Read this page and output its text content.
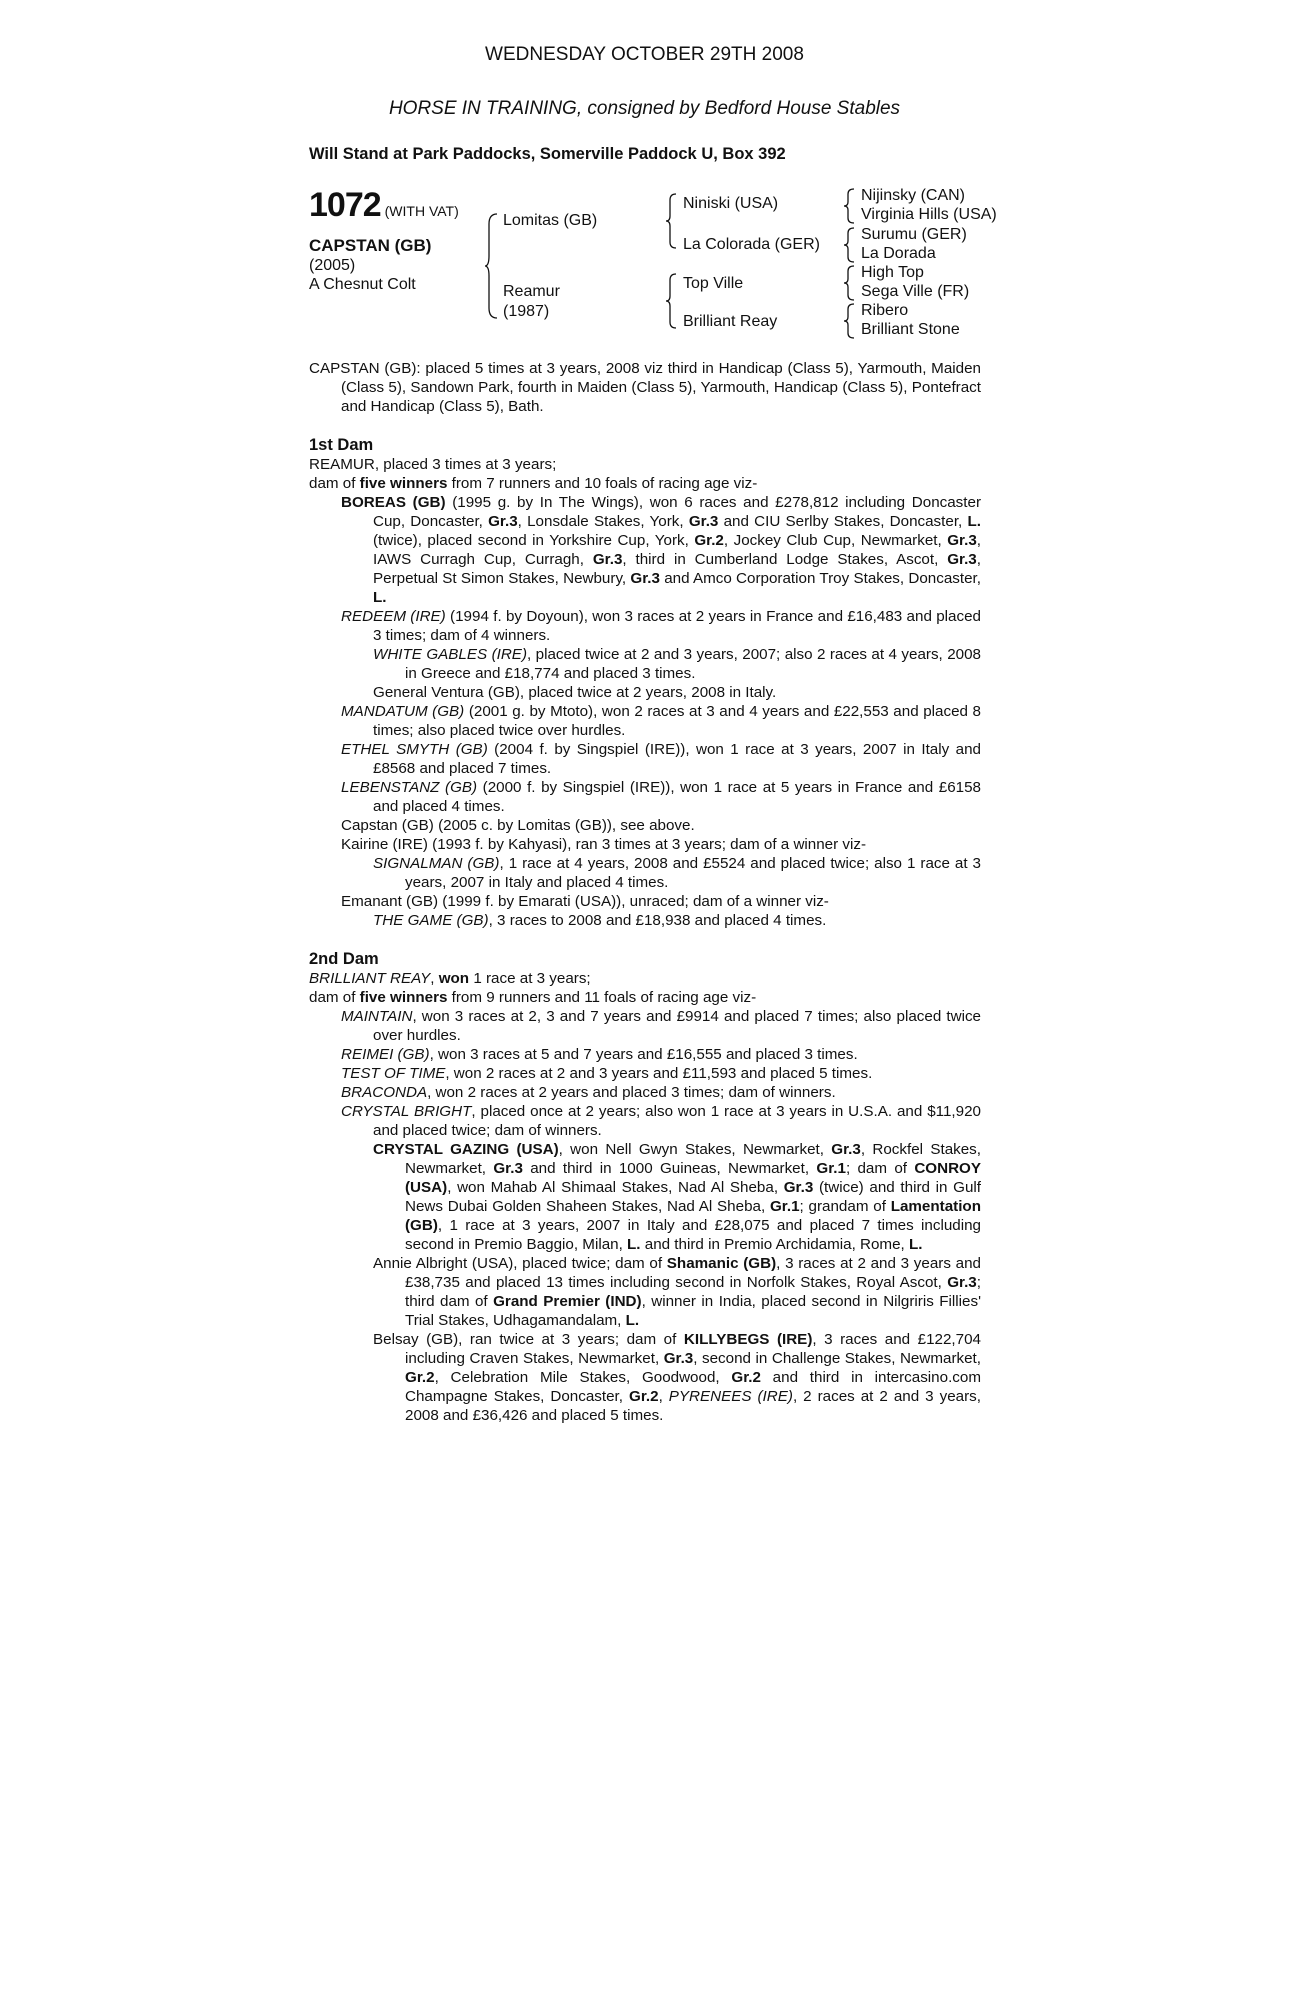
WEDNESDAY OCTOBER 29TH 2008
HORSE IN TRAINING, consigned by Bedford House Stables
Will Stand at Park Paddocks, Somerville Paddock U, Box 392
1072 (WITH VAT)
CAPSTAN (GB)
(2005)
A Chesnut Colt
Lomitas (GB)
Reamur
(1987)
Niniski (USA)
La Colorada (GER)
Top Ville
Brilliant Reay
Nijinsky (CAN)
Virginia Hills (USA)
Surumu (GER)
La Dorada
High Top
Sega Ville (FR)
Ribero
Brilliant Stone

CAPSTAN (GB): placed 5 times at 3 years, 2008 viz third in Handicap (Class 5), Yarmouth, Maiden (Class 5), Sandown Park, fourth in Maiden (Class 5), Yarmouth, Handicap (Class 5), Pontefract and Handicap (Class 5), Bath.

1st Dam

REAMUR, placed 3 times at 3 years;

dam of five winners from 7 runners and 10 foals of racing age viz-

BOREAS (GB) (1995 g. by In The Wings), won 6 races and £278,812 including Doncaster Cup, Doncaster, Gr.3, Lonsdale Stakes, York, Gr.3 and CIU Serlby Stakes, Doncaster, L. (twice), placed second in Yorkshire Cup, York, Gr.2, Jockey Club Cup, Newmarket, Gr.3, IAWS Curragh Cup, Curragh, Gr.3, third in Cumberland Lodge Stakes, Ascot, Gr.3, Perpetual St Simon Stakes, Newbury, Gr.3 and Amco Corporation Troy Stakes, Doncaster, L.

REDEEM (IRE) (1994 f. by Doyoun), won 3 races at 2 years in France and £16,483 and placed 3 times; dam of 4 winners.

WHITE GABLES (IRE), placed twice at 2 and 3 years, 2007; also 2 races at 4 years, 2008 in Greece and £18,774 and placed 3 times.

General Ventura (GB), placed twice at 2 years, 2008 in Italy.

MANDATUM (GB) (2001 g. by Mtoto), won 2 races at 3 and 4 years and £22,553 and placed 8 times; also placed twice over hurdles.

ETHEL SMYTH (GB) (2004 f. by Singspiel (IRE)), won 1 race at 3 years, 2007 in Italy and £8568 and placed 7 times.

LEBENSTANZ (GB) (2000 f. by Singspiel (IRE)), won 1 race at 5 years in France and £6158 and placed 4 times.

Capstan (GB) (2005 c. by Lomitas (GB)), see above.

Kairine (IRE) (1993 f. by Kahyasi), ran 3 times at 3 years; dam of a winner viz-

SIGNALMAN (GB), 1 race at 4 years, 2008 and £5524 and placed twice; also 1 race at 3 years, 2007 in Italy and placed 4 times.

Emanant (GB) (1999 f. by Emarati (USA)), unraced; dam of a winner viz-

THE GAME (GB), 3 races to 2008 and £18,938 and placed 4 times.

2nd Dam

BRILLIANT REAY, won 1 race at 3 years;

dam of five winners from 9 runners and 11 foals of racing age viz-

MAINTAIN, won 3 races at 2, 3 and 7 years and £9914 and placed 7 times; also placed twice over hurdles.

REIMEI (GB), won 3 races at 5 and 7 years and £16,555 and placed 3 times.

TEST OF TIME, won 2 races at 2 and 3 years and £11,593 and placed 5 times.

BRACONDA, won 2 races at 2 years and placed 3 times; dam of winners.

CRYSTAL BRIGHT, placed once at 2 years; also won 1 race at 3 years in U.S.A. and $11,920 and placed twice; dam of winners.

CRYSTAL GAZING (USA), won Nell Gwyn Stakes, Newmarket, Gr.3, Rockfel Stakes, Newmarket, Gr.3 and third in 1000 Guineas, Newmarket, Gr.1; dam of CONROY (USA), won Mahab Al Shimaal Stakes, Nad Al Sheba, Gr.3 (twice) and third in Gulf News Dubai Golden Shaheen Stakes, Nad Al Sheba, Gr.1; grandam of Lamentation (GB), 1 race at 3 years, 2007 in Italy and £28,075 and placed 7 times including second in Premio Baggio, Milan, L. and third in Premio Archidamia, Rome, L.

Annie Albright (USA), placed twice; dam of Shamanic (GB), 3 races at 2 and 3 years and £38,735 and placed 13 times including second in Norfolk Stakes, Royal Ascot, Gr.3; third dam of Grand Premier (IND), winner in India, placed second in Nilgriris Fillies' Trial Stakes, Udhagamandalam, L.

Belsay (GB), ran twice at 3 years; dam of KILLYBEGS (IRE), 3 races and £122,704 including Craven Stakes, Newmarket, Gr.3, second in Challenge Stakes, Newmarket, Gr.2, Celebration Mile Stakes, Goodwood, Gr.2 and third in intercasino.com Champagne Stakes, Doncaster, Gr.2, PYRENEES (IRE), 2 races at 2 and 3 years, 2008 and £36,426 and placed 5 times.
